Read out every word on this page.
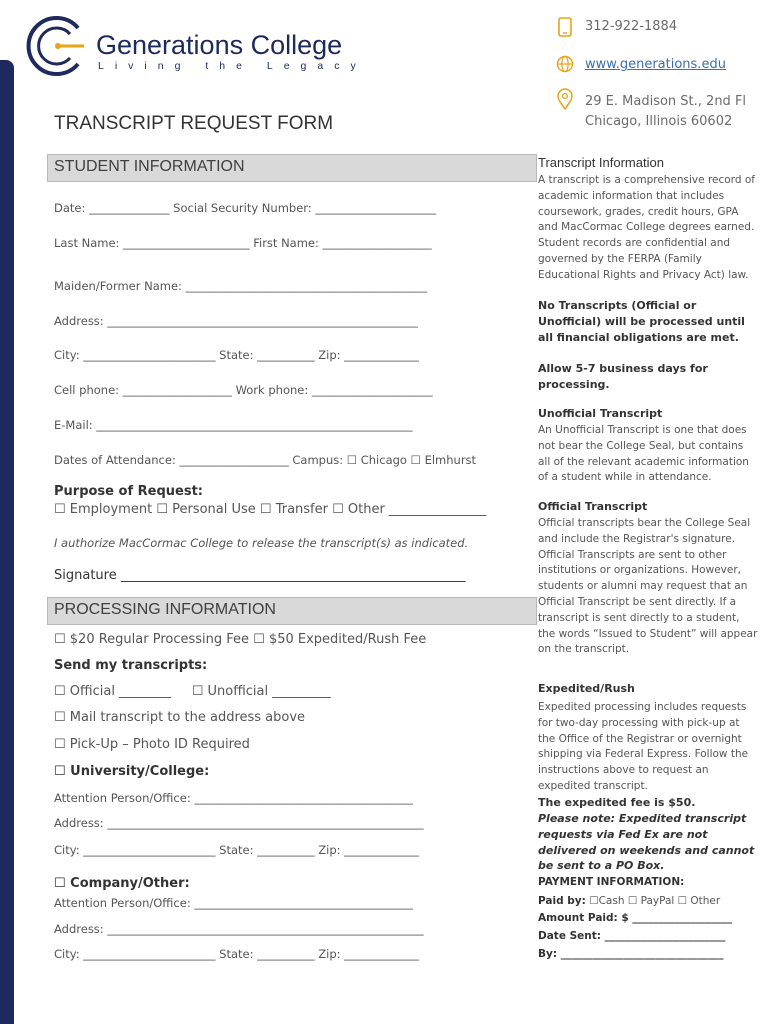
Generations College
Living the Legacy
312-922-1884
www.generations.edu
29 E. Madison St., 2nd Fl
Chicago, Illinois 60602
TRANSCRIPT REQUEST FORM
STUDENT INFORMATION
Date: ______________ Social Security Number: _____________________
Last Name: ______________________ First Name: ___________________
Maiden/Former Name: __________________________________________
Address: ______________________________________________________
City: _______________________ State: __________ Zip: _____________
Cell phone: ___________________ Work phone: _____________________
E-Mail: _______________________________________________________
Dates of Attendance: ___________________ Campus: ☐ Chicago ☐ Elmhurst
Purpose of Request:
☐ Employment ☐ Personal Use ☐ Transfer ☐ Other _______________
I authorize MacCormac College to release the transcript(s) as indicated.
Signature _____________________________________________________
PROCESSING INFORMATION
☐ $20 Regular Processing Fee ☐ $50 Expedited/Rush Fee
Send my transcripts:
☐ Official ________     ☐ Unofficial _________
☐ Mail transcript to the address above
☐ Pick-Up – Photo ID Required
☐ University/College:
Attention Person/Office: ______________________________________
Address: _______________________________________________________
City: _______________________ State: __________ Zip: _____________
☐ Company/Other:
Attention Person/Office: ______________________________________
Address: _______________________________________________________
City: _______________________ State: __________ Zip: _____________
Transcript Information
A transcript is a comprehensive record of academic information that includes coursework, grades, credit hours, GPA and MacCormac College degrees earned. Student records are confidential and governed by the FERPA (Family Educational Rights and Privacy Act) law.
No Transcripts (Official or Unofficial) will be processed until all financial obligations are met.
Allow 5-7 business days for processing.
Unofficial Transcript
An Unofficial Transcript is one that does not bear the College Seal, but contains all of the relevant academic information of a student while in attendance.
Official Transcript
Official transcripts bear the College Seal and include the Registrar's signature. Official Transcripts are sent to other institutions or organizations. However, students or alumni may request that an Official Transcript be sent directly. If a transcript is sent directly to a student, the words “Issued to Student” will appear on the transcript.
Expedited/Rush
Expedited processing includes requests for two-day processing with pick-up at the Office of the Registrar or overnight shipping via Federal Express. Follow the instructions above to request an expedited transcript.
The expedited fee is $50.
Please note: Expedited transcript requests via Fed Ex are not delivered on weekends and cannot be sent to a PO Box.
PAYMENT INFORMATION:
Paid by: ☐Cash ☐ PayPal ☐ Other
Amount Paid: $ ___________________
Date Sent: _______________________
By: _______________________________
